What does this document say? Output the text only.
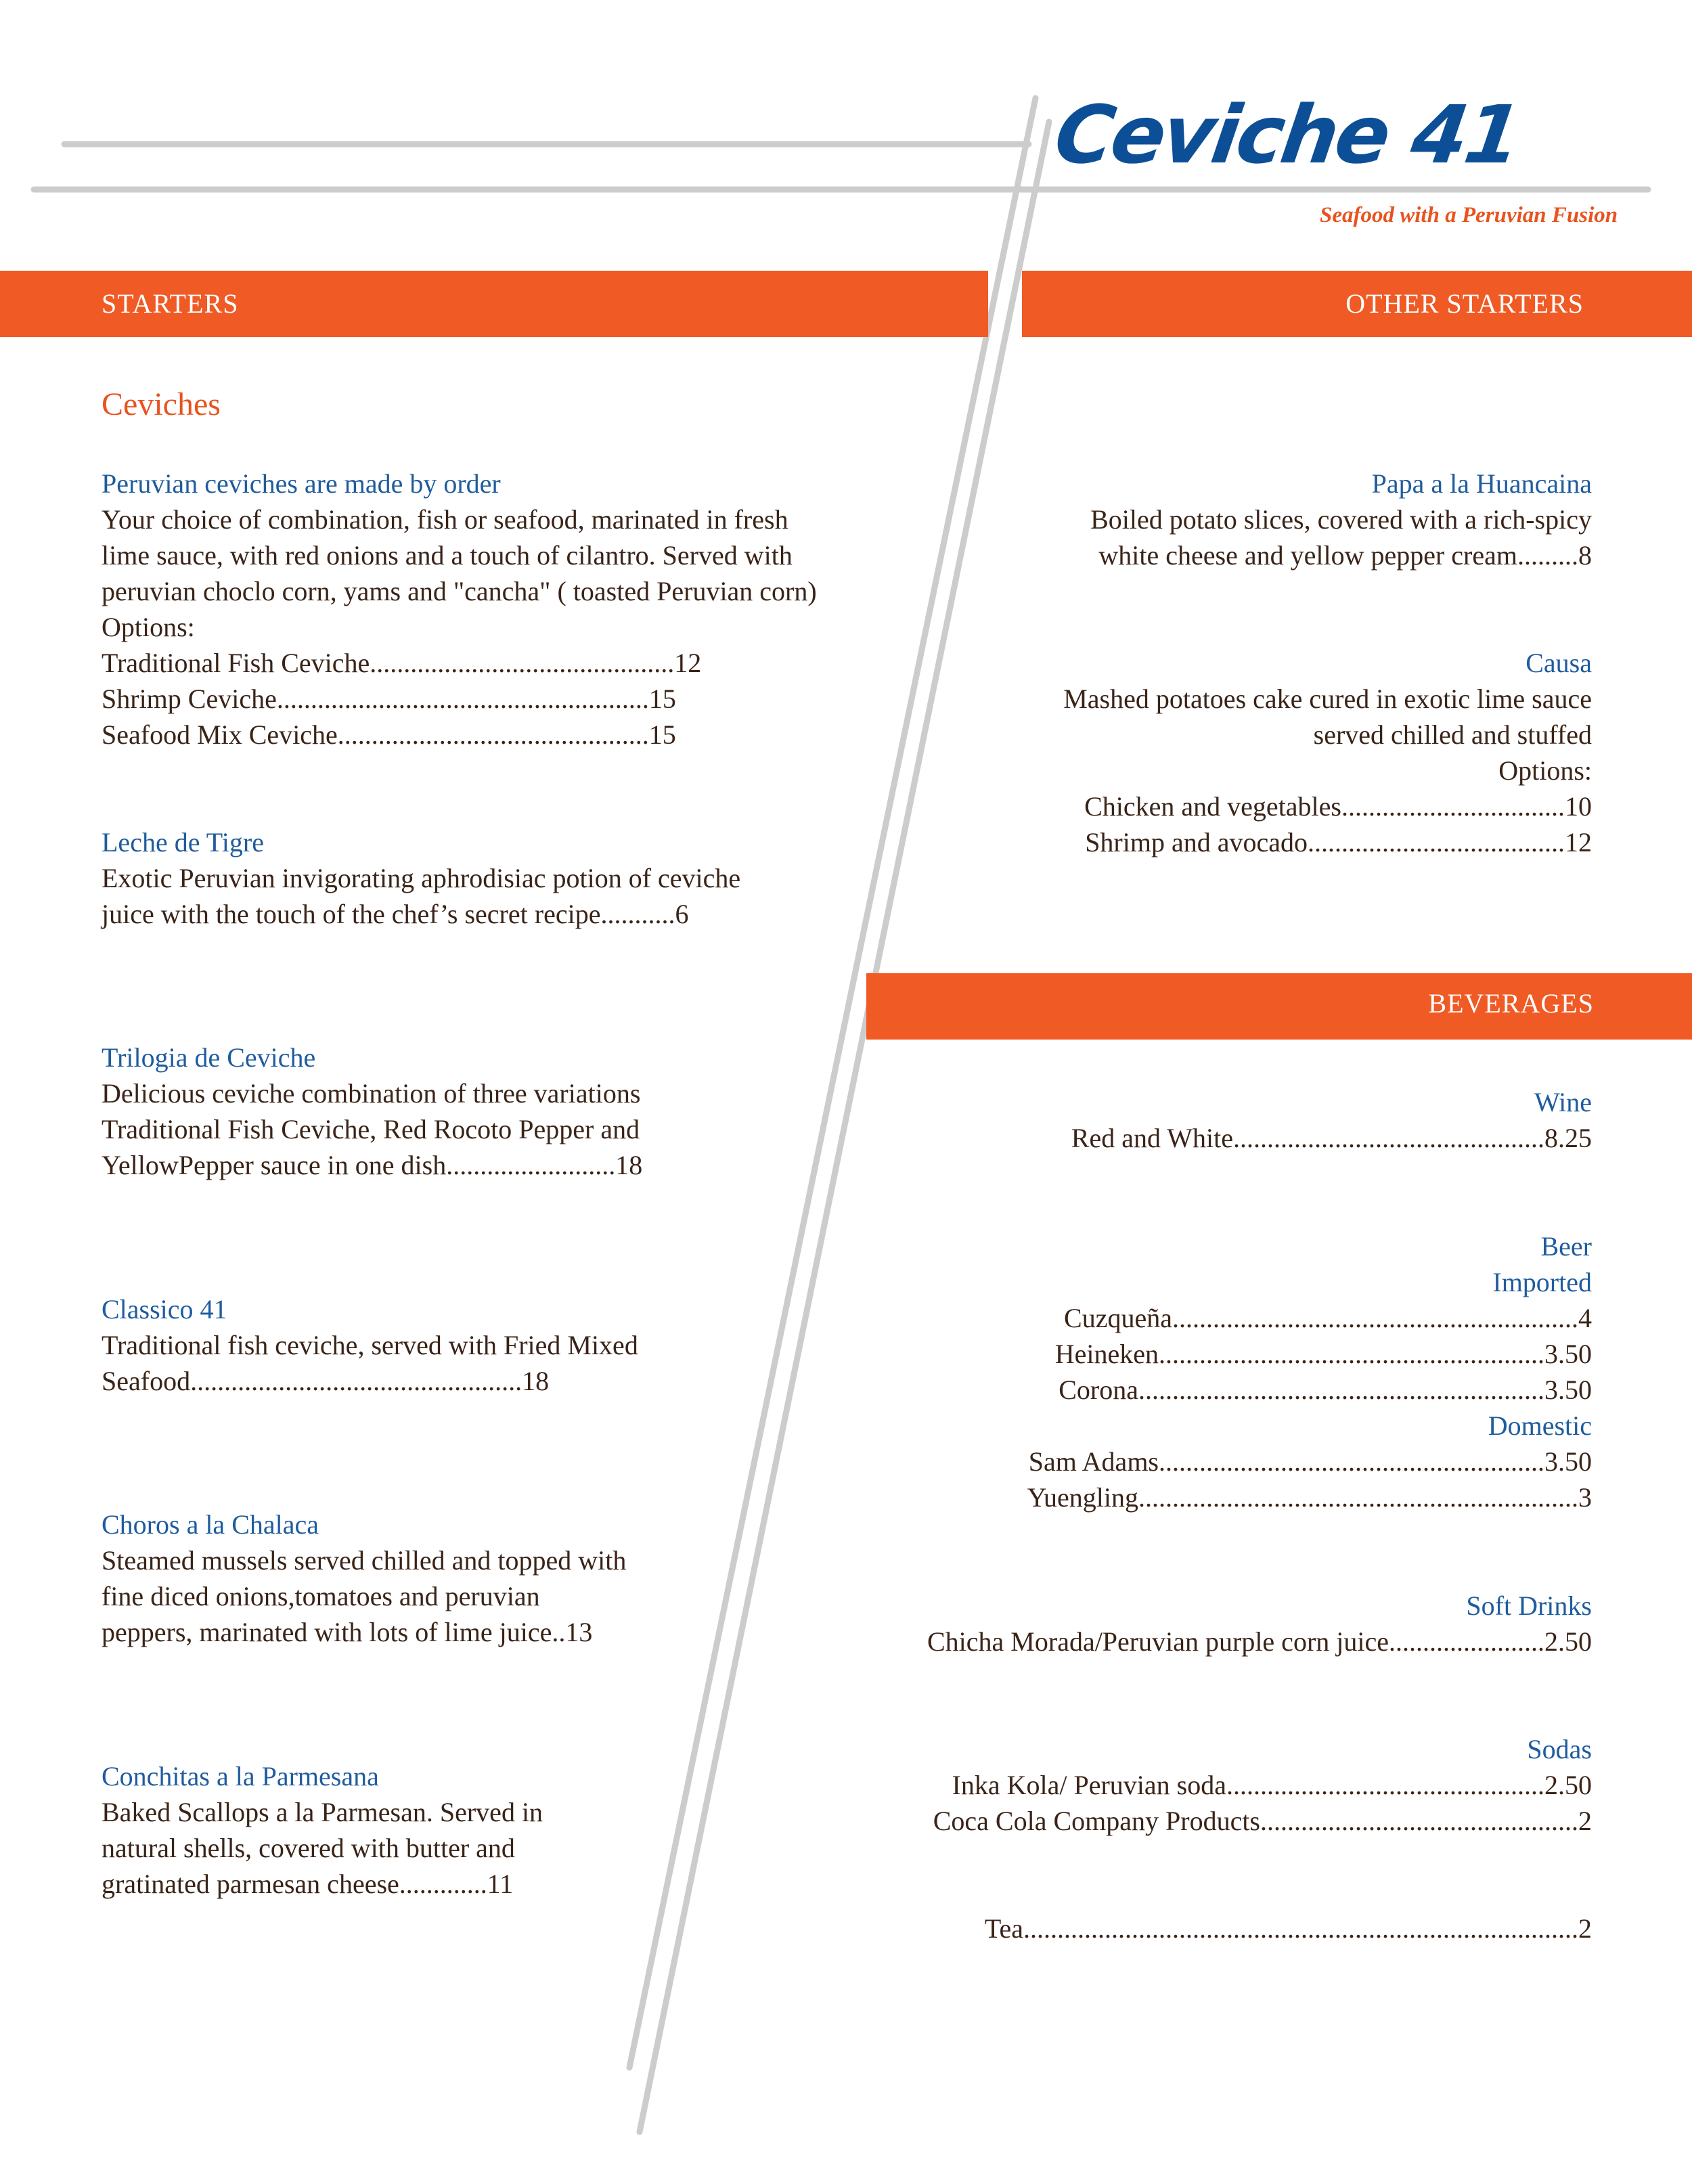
Ceviche 41
Seafood with a Peruvian Fusion
STARTERS	OTHER STARTERS
BEVERAGES
Ceviches
Peruvian ceviches are made by order
Your choice of combination, fish or seafood, marinated in fresh
lime sauce, with red onions and a touch of cilantro. Served with
peruvian choclo corn, yams and "cancha" ( toasted Peruvian corn)
Options:
Traditional Fish Ceviche.............................................12
Shrimp Ceviche.......................................................15
Seafood Mix Ceviche..............................................15
Leche de Tigre
Exotic Peruvian invigorating aphrodisiac potion of ceviche
juice with the touch of the chef’s secret recipe...........6
Trilogia de Ceviche
Delicious ceviche combination of three variations
Traditional Fish Ceviche, Red Rocoto Pepper and
YellowPepper sauce in one dish.........................18
Classico 41
Traditional fish ceviche, served with Fried Mixed
Seafood.................................................18
Choros a la Chalaca
Steamed mussels served chilled and topped with
fine diced onions,tomatoes and peruvian
peppers, marinated with lots of lime juice..13
Conchitas a la Parmesana
Baked Scallops a la Parmesan. Served in
natural shells, covered with butter and
gratinated parmesan cheese.............11
Papa a la Huancaina
Boiled potato slices, covered with a rich-spicy
white cheese and yellow pepper cream.........8
Causa
Mashed potatoes cake cured in exotic lime sauce
served chilled and stuffed
Options:
Chicken and vegetables.................................10
Shrimp and avocado......................................12
Wine
Red and White..............................................8.25
Beer
Imported
Cuzqueña............................................................4
Heineken.........................................................3.50
Corona............................................................3.50
Domestic
Sam Adams.........................................................3.50
Yuengling.................................................................3
Soft Drinks
Chicha Morada/Peruvian purple corn juice.......................2.50
Sodas
Inka Kola/ Peruvian soda...............................................2.50
Coca Cola Company Products...............................................2
Tea..................................................................................2
